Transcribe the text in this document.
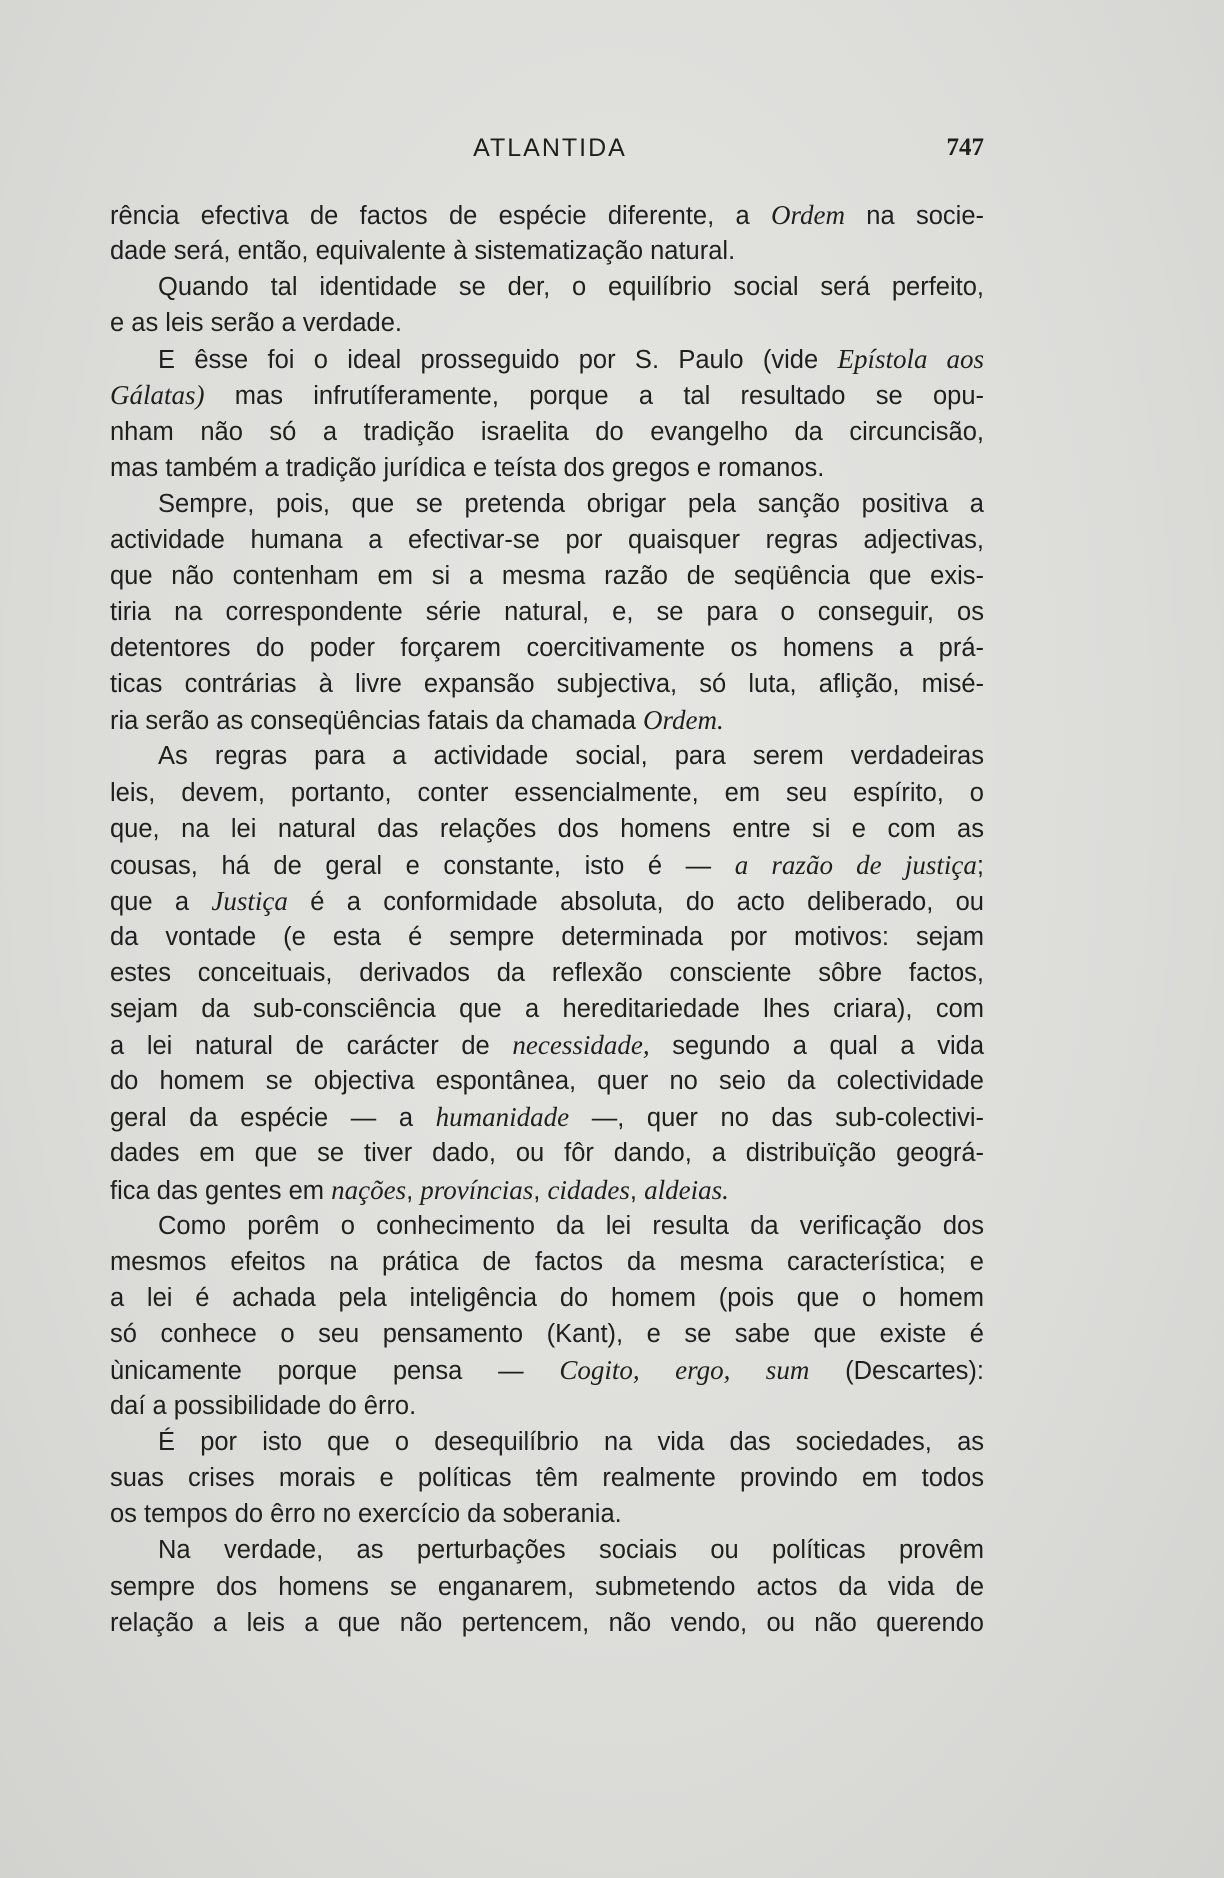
ATLANTIDA	747
rência efectiva de factos de espécie diferente, a Ordem na socie-
dade será, então, equivalente à sistematização natural.
Quando tal identidade se der, o equilíbrio social será perfeito,
e as leis serão a verdade.
E êsse foi o ideal prosseguido por S. Paulo (vide Epístola aos
Gálatas) mas infrutíferamente, porque a tal resultado se opu-
nham não só a tradição israelita do evangelho da circuncisão,
mas também a tradição jurídica e teísta dos gregos e romanos.
Sempre, pois, que se pretenda obrigar pela sanção positiva a
actividade humana a efectivar-se por quaisquer regras adjectivas,
que não contenham em si a mesma razão de seqüência que exis-
tiria na correspondente série natural, e, se para o conseguir, os
detentores do poder forçarem coercitivamente os homens a prá-
ticas contrárias à livre expansão subjectiva, só luta, aflição, misé-
ria serão as conseqüências fatais da chamada Ordem.
As regras para a actividade social, para serem verdadeiras
leis, devem, portanto, conter essencialmente, em seu espírito, o
que, na lei natural das relações dos homens entre si e com as
cousas, há de geral e constante, isto é — a razão de justiça;
que a Justiça é a conformidade absoluta, do acto deliberado, ou
da vontade (e esta é sempre determinada por motivos: sejam
estes conceituais, derivados da reflexão consciente sôbre factos,
sejam da sub-consciência que a hereditariedade lhes criara), com
a lei natural de carácter de necessidade, segundo a qual a vida
do homem se objectiva espontânea, quer no seio da colectividade
geral da espécie — a humanidade —, quer no das sub-colectivi-
dades em que se tiver dado, ou fôr dando, a distribuïção geográ-
fica das gentes em nações, províncias, cidades, aldeias.
Como porêm o conhecimento da lei resulta da verificação dos
mesmos efeitos na prática de factos da mesma característica; e
a lei é achada pela inteligência do homem (pois que o homem
só conhece o seu pensamento (Kant), e se sabe que existe é
ùnicamente porque pensa — Cogito, ergo, sum (Descartes):
daí a possibilidade do êrro.
É por isto que o desequilíbrio na vida das sociedades, as
suas crises morais e políticas têm realmente provindo em todos
os tempos do êrro no exercício da soberania.
Na verdade, as perturbações sociais ou políticas provêm
sempre dos homens se enganarem, submetendo actos da vida de
relação a leis a que não pertencem, não vendo, ou não querendo
